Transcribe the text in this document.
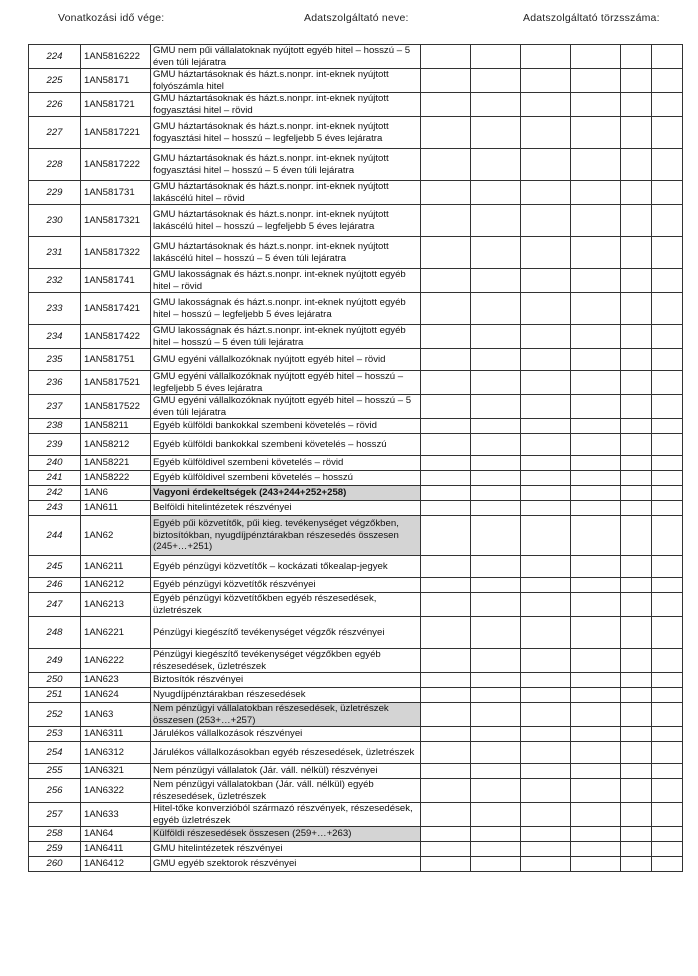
Vonatkozási idő vége:	Adatszolgáltató neve:	Adatszolgáltató törzsszáma:
224	1AN5816222	GMU nem pűi vállalatoknak nyújtott egyéb hitel – hosszú – 5 éven túli lejáratra						
225	1AN58171	GMU háztartásoknak és házt.s.nonpr. int-eknek nyújtott folyószámla hitel						
226	1AN581721	GMU háztartásoknak és házt.s.nonpr. int-eknek nyújtott fogyasztási hitel – rövid						
227	1AN5817221	GMU háztartásoknak és házt.s.nonpr. int-eknek nyújtott fogyasztási hitel – hosszú – legfeljebb 5 éves lejáratra						
228	1AN5817222	GMU háztartásoknak és házt.s.nonpr. int-eknek nyújtott fogyasztási hitel – hosszú – 5 éven túli lejáratra						
229	1AN581731	GMU háztartásoknak és házt.s.nonpr. int-eknek nyújtott lakáscélú hitel – rövid						
230	1AN5817321	GMU háztartásoknak és házt.s.nonpr. int-eknek nyújtott lakáscélú hitel – hosszú – legfeljebb 5 éves lejáratra						
231	1AN5817322	GMU háztartásoknak és házt.s.nonpr. int-eknek nyújtott lakáscélú hitel – hosszú – 5 éven túli lejáratra						
232	1AN581741	GMU lakosságnak és házt.s.nonpr. int-eknek nyújtott egyéb hitel – rövid						
233	1AN5817421	GMU lakosságnak és házt.s.nonpr. int-eknek nyújtott egyéb hitel – hosszú – legfeljebb 5 éves lejáratra						
234	1AN5817422	GMU lakosságnak és házt.s.nonpr. int-eknek nyújtott egyéb hitel – hosszú – 5 éven túli lejáratra						
235	1AN581751	GMU egyéni vállalkozóknak nyújtott egyéb hitel – rövid						
236	1AN5817521	GMU egyéni vállalkozóknak nyújtott egyéb hitel – hosszú – legfeljebb 5 éves lejáratra						
237	1AN5817522	GMU egyéni vállalkozóknak nyújtott egyéb hitel – hosszú – 5 éven túli lejáratra						
238	1AN58211	Egyéb külföldi bankokkal szembeni követelés – rövid						
239	1AN58212	Egyéb külföldi bankokkal szembeni követelés – hosszú						
240	1AN58221	Egyéb külföldivel szembeni követelés – rövid						
241	1AN58222	Egyéb külföldivel szembeni követelés – hosszú						
242	1AN6	Vagyoni érdekeltségek (243+244+252+258)						
243	1AN611	Belföldi hitelintézetek részvényei						
244	1AN62	Egyéb pűi közvetítők, pűi kieg. tevékenységet végzőkben, biztosítókban, nyugdíjpénztárakban részesedés összesen (245+…+251)						
245	1AN6211	Egyéb pénzügyi közvetítők – kockázati tőkealap-jegyek						
246	1AN6212	Egyéb pénzügyi közvetítők részvényei						
247	1AN6213	Egyéb pénzügyi közvetítőkben egyéb részesedések, üzletrészek						
248	1AN6221	Pénzügyi kiegészítő tevékenységet végzők részvényei						
249	1AN6222	Pénzügyi kiegészítő tevékenységet végzőkben egyéb részesedések, üzletrészek						
250	1AN623	Biztosítók részvényei						
251	1AN624	Nyugdíjpénztárakban részesedések						
252	1AN63	Nem pénzügyi vállalatokban részesedések, üzletrészek összesen (253+…+257)						
253	1AN6311	Járulékos vállalkozások részvényei						
254	1AN6312	Járulékos vállalkozásokban egyéb részesedések, üzletrészek						
255	1AN6321	Nem pénzügyi vállalatok (Jár. váll. nélkül) részvényei						
256	1AN6322	Nem pénzügyi vállalatokban (Jár. váll. nélkül) egyéb részesedések, üzletrészek						
257	1AN633	Hitel-tőke konverzióból származó részvények, részesedések, egyéb üzletrészek						
258	1AN64	Külföldi részesedések összesen (259+…+263)						
259	1AN6411	GMU hitelintézetek részvényei						
260	1AN6412	GMU egyéb szektorok részvényei						
